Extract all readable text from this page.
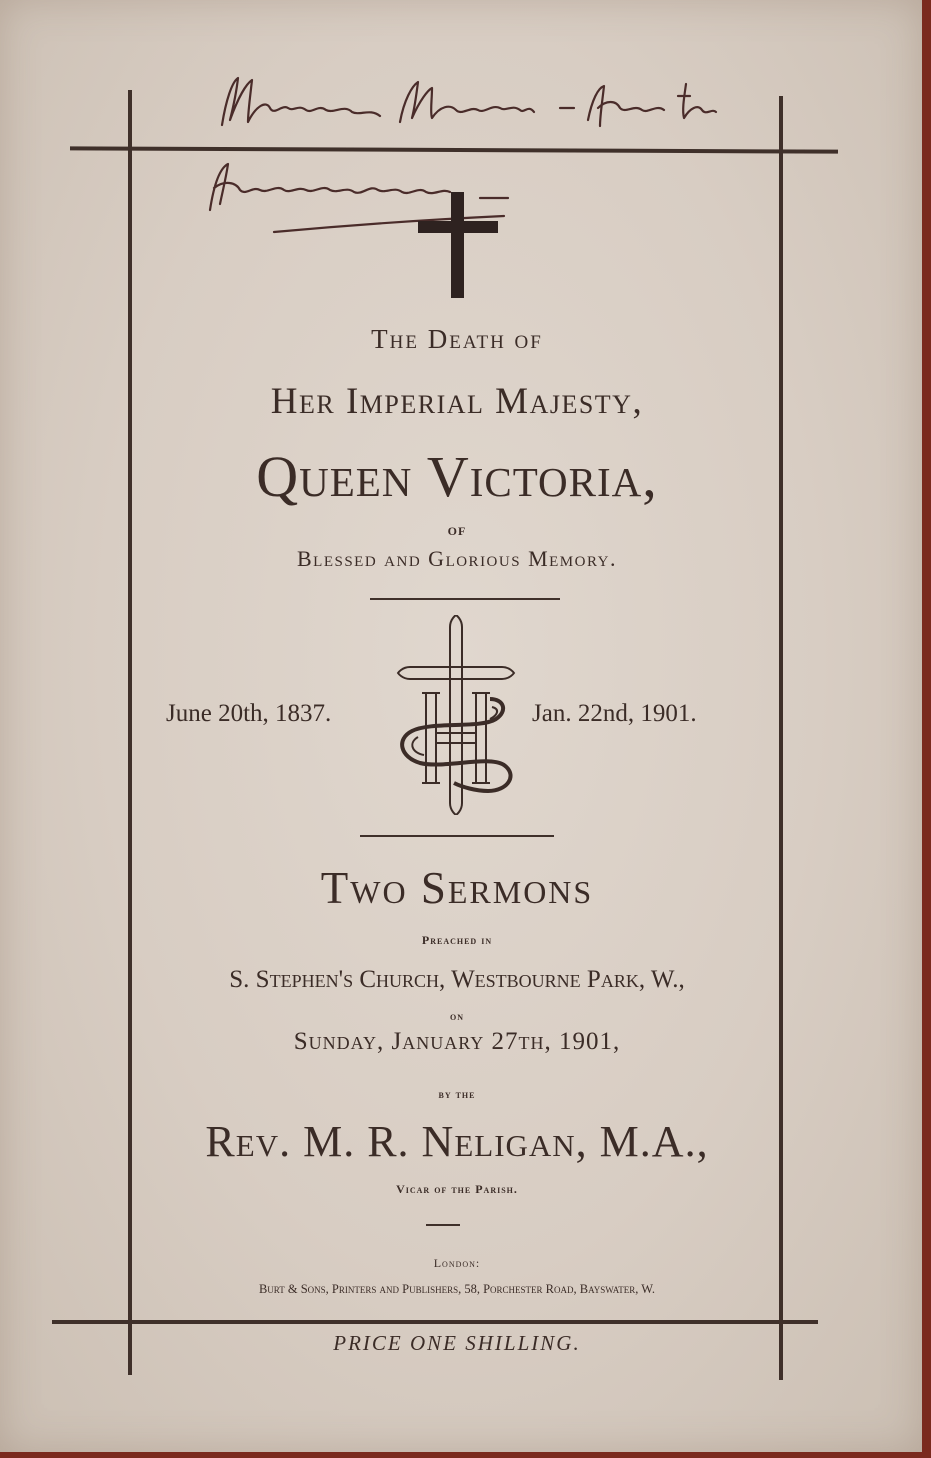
The Death of
Her Imperial Majesty,
Queen Victoria,
OF
Blessed and Glorious Memory.
June 20th, 1837.	Jan. 22nd, 1901.
Two Sermons
Preached in
S. Stephen's Church, Westbourne Park, W.,
on
Sunday, January 27th, 1901,
by the
Rev. M. R. Neligan, M.A.,
Vicar of the Parish.
London:
Burt & Sons, Printers and Publishers, 58, Porchester Road, Bayswater, W.
PRICE ONE SHILLING.
